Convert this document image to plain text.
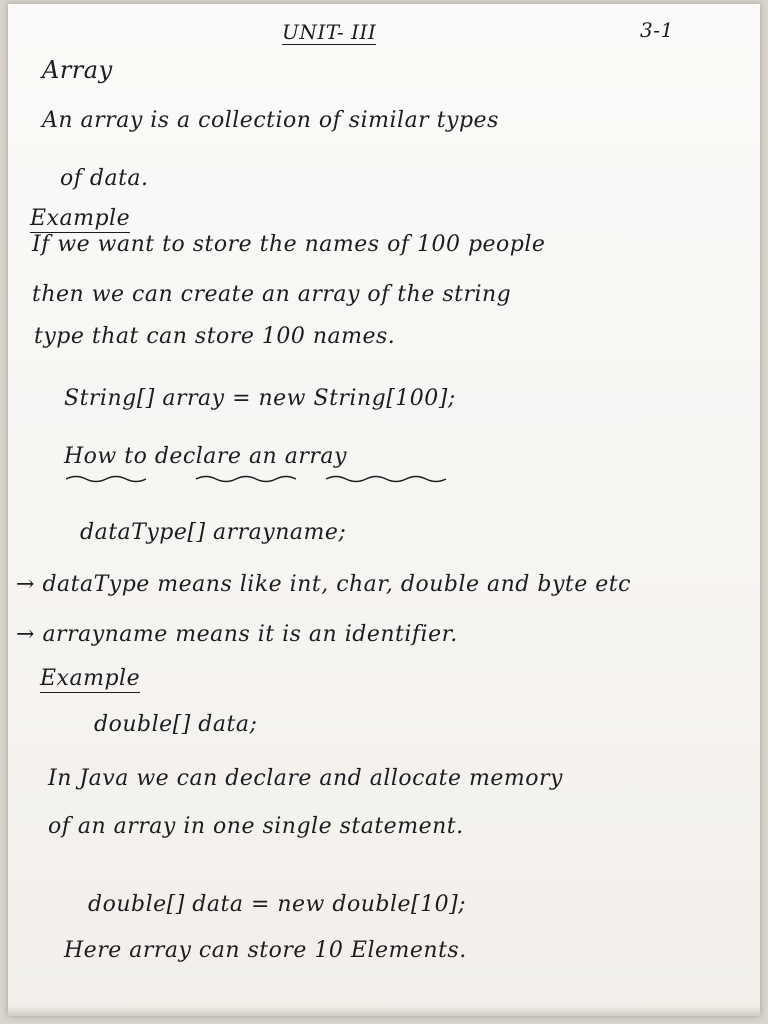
UNIT- III	3-1
Array
An array is a collection of similar types
of data.
Example
If we want to store the names of 100 people
then we can create an array of the string
type that can store 100 names.
String[] array = new String[100];
How to declare an array
dataType[] arrayname;
→ dataType means like int, char, double and byte etc
→ arrayname means it is an identifier.
Example
double[] data;
In Java we can declare and allocate memory
of an array in one single statement.
double[] data = new double[10];
Here array can store 10 Elements.
